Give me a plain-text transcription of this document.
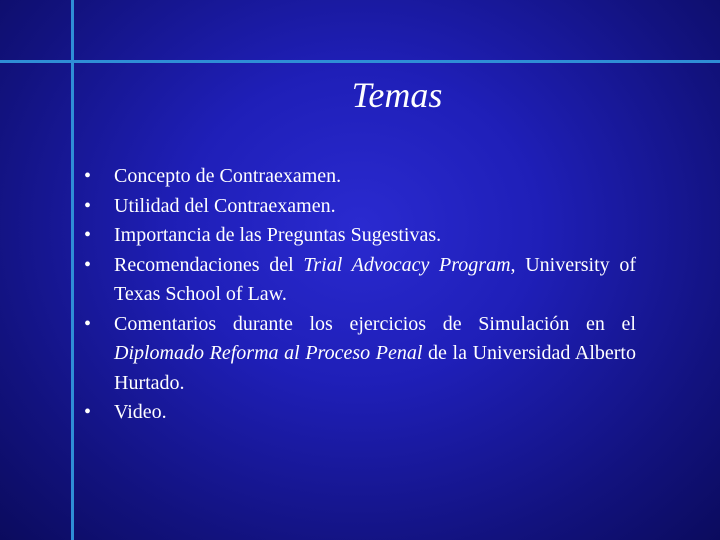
Temas
• Concepto de Contraexamen.
• Utilidad del Contraexamen.
• Importancia de las Preguntas Sugestivas.
• Recomendaciones del Trial Advocacy Program, University of Texas School of Law.
• Comentarios durante los ejercicios de Simulación en el Diplomado Reforma al Proceso Penal de la Universidad Alberto Hurtado.
• Video.
